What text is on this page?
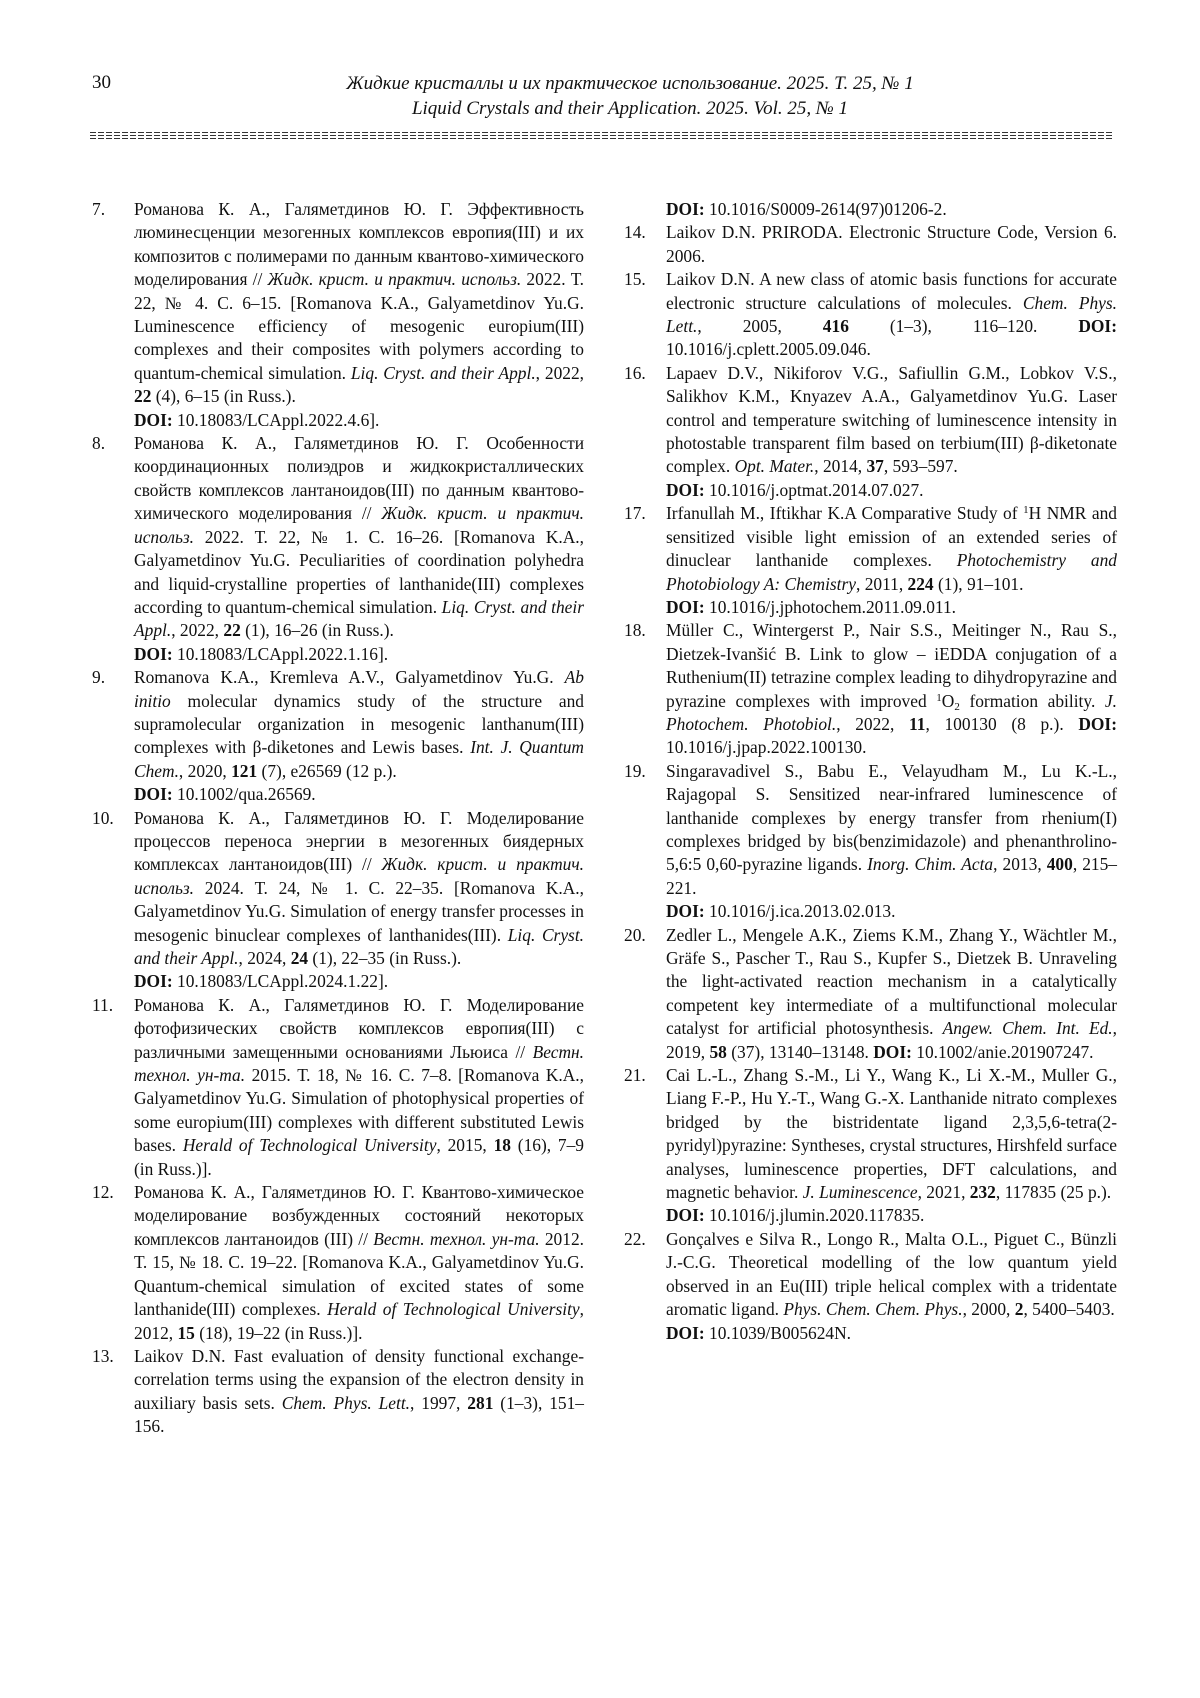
30	Жидкие кристаллы и их практическое использование. 2025. Т. 25, № 1
Liquid Crystals and their Application. 2025. Vol. 25, № 1

7. Романова К. А., Галяметдинов Ю. Г. Эффективность люминесценции мезогенных комплексов европия(III) и их композитов с полимерами по данным квантово-химического моделирования // Жидк. крист. и практич. использ. 2022. Т. 22, № 4. С. 6–15. [Romanova K.A., Galyametdinov Yu.G. Luminescence efficiency of mesogenic europium(III) complexes and their composites with polymers according to quantum-chemical simulation. Liq. Cryst. and their Appl., 2022, 22 (4), 6–15 (in Russ.).
DOI: 10.18083/LCAppl.2022.4.6].

8. Романова К. А., Галяметдинов Ю. Г. Особенности координационных полиэдров и жидкокристаллических свойств комплексов лантаноидов(III) по данным квантово-химического моделирования // Жидк. крист. и практич. использ. 2022. Т. 22, № 1. С. 16–26. [Romanova K.A., Galyametdinov Yu.G. Peculiarities of coordination polyhedra and liquid-crystalline properties of lanthanide(III) complexes according to quantum-chemical simulation. Liq. Cryst. and their Appl., 2022, 22 (1), 16–26 (in Russ.).
DOI: 10.18083/LCAppl.2022.1.16].

9. Romanova K.A., Kremleva A.V., Galyametdinov Yu.G. Ab initio molecular dynamics study of the structure and supramolecular organization in mesogenic lanthanum(III) complexes with β-diketones and Lewis bases. Int. J. Quantum Chem., 2020, 121 (7), e26569 (12 p.).
DOI: 10.1002/qua.26569.

10. Романова К. А., Галяметдинов Ю. Г. Моделирование процессов переноса энергии в мезогенных биядерных комплексах лантаноидов(III) // Жидк. крист. и практич. использ. 2024. Т. 24, № 1. С. 22–35. [Romanova K.A., Galyametdinov Yu.G. Simulation of energy transfer processes in mesogenic binuclear complexes of lanthanides(III). Liq. Cryst. and their Appl., 2024, 24 (1), 22–35 (in Russ.).
DOI: 10.18083/LCAppl.2024.1.22].

11. Романова К. А., Галяметдинов Ю. Г. Моделирование фотофизических свойств комплексов европия(III) с различными замещенными основаниями Льюиса // Вестн. технол. ун-та. 2015. Т. 18, № 16. С. 7–8. [Romanova K.A., Galyametdinov Yu.G. Simulation of photophysical properties of some europium(III) complexes with different substituted Lewis bases. Herald of Technological University, 2015, 18 (16), 7–9 (in Russ.)].

12. Романова К. А., Галяметдинов Ю. Г. Квантово-химическое моделирование возбужденных состояний некоторых комплексов лантаноидов (III) // Вестн. технол. ун-та. 2012. Т. 15, № 18. С. 19–22. [Romanova K.A., Galyametdinov Yu.G. Quantum-chemical simulation of excited states of some lanthanide(III) complexes. Herald of Technological University, 2012, 15 (18), 19–22 (in Russ.)].

13. Laikov D.N. Fast evaluation of density functional exchange-correlation terms using the expansion of the electron density in auxiliary basis sets. Chem. Phys. Lett., 1997, 281 (1–3), 151–156.

DOI: 10.1016/S0009-2614(97)01206-2.

14. Laikov D.N. PRIRODA. Electronic Structure Code, Version 6. 2006.

15. Laikov D.N. A new class of atomic basis functions for accurate electronic structure calculations of molecules. Chem. Phys. Lett., 2005, 416 (1–3), 116–120. DOI: 10.1016/j.cplett.2005.09.046.

16. Lapaev D.V., Nikiforov V.G., Safiullin G.M., Lobkov V.S., Salikhov K.M., Knyazev A.A., Galyametdinov Yu.G. Laser control and temperature switching of luminescence intensity in photostable transparent film based on terbium(III) β-diketonate complex. Opt. Mater., 2014, 37, 593–597.
DOI: 10.1016/j.optmat.2014.07.027.

17. Irfanullah M., Iftikhar K.A Comparative Study of $^1$H NMR and sensitized visible light emission of an extended series of dinuclear lanthanide complexes. Photochemistry and Photobiology A: Chemistry, 2011, 224 (1), 91–101.
DOI: 10.1016/j.jphotochem.2011.09.011.

18. Müller C., Wintergerst P., Nair S.S., Meitinger N., Rau S., Dietzek-Ivanšić B. Link to glow – iEDDA conjugation of a Ruthenium(II) tetrazine complex leading to dihydropyrazine and pyrazine complexes with improved $^1O_2$ formation ability. J. Photochem. Photobiol., 2022, 11, 100130 (8 p.). DOI: 10.1016/j.jpap.2022.100130.

19. Singaravadivel S., Babu E., Velayudham M., Lu K.-L., Rajagopal S. Sensitized near-infrared luminescence of lanthanide complexes by energy transfer from rhenium(I) complexes bridged by bis(benzimidazole) and phenanthrolino-5,6:5 0,60-pyrazine ligands. Inorg. Chim. Acta, 2013, 400, 215–221.
DOI: 10.1016/j.ica.2013.02.013.

20. Zedler L., Mengele A.K., Ziems K.M., Zhang Y., Wächtler M., Gräfe S., Pascher T., Rau S., Kupfer S., Dietzek B. Unraveling the light-activated reaction mechanism in a catalytically competent key intermediate of a multifunctional molecular catalyst for artificial photosynthesis. Angew. Chem. Int. Ed., 2019, 58 (37), 13140–13148. DOI: 10.1002/anie.201907247.

21. Cai L.-L., Zhang S.-M., Li Y., Wang K., Li X.-M., Muller G., Liang F.-P., Hu Y.-T., Wang G.-X. Lanthanide nitrato complexes bridged by the bistridentate ligand 2,3,5,6-tetra(2-pyridyl)pyrazine: Syntheses, crystal structures, Hirshfeld surface analyses, luminescence properties, DFT calculations, and magnetic behavior. J. Luminescence, 2021, 232, 117835 (25 p.).
DOI: 10.1016/j.jlumin.2020.117835.

22. Gonçalves e Silva R., Longo R., Malta O.L., Piguet C., Bünzli J.-C.G. Theoretical modelling of the low quantum yield observed in an Eu(III) triple helical complex with a tridentate aromatic ligand. Phys. Chem. Chem. Phys., 2000, 2, 5400–5403.
DOI: 10.1039/B005624N.
